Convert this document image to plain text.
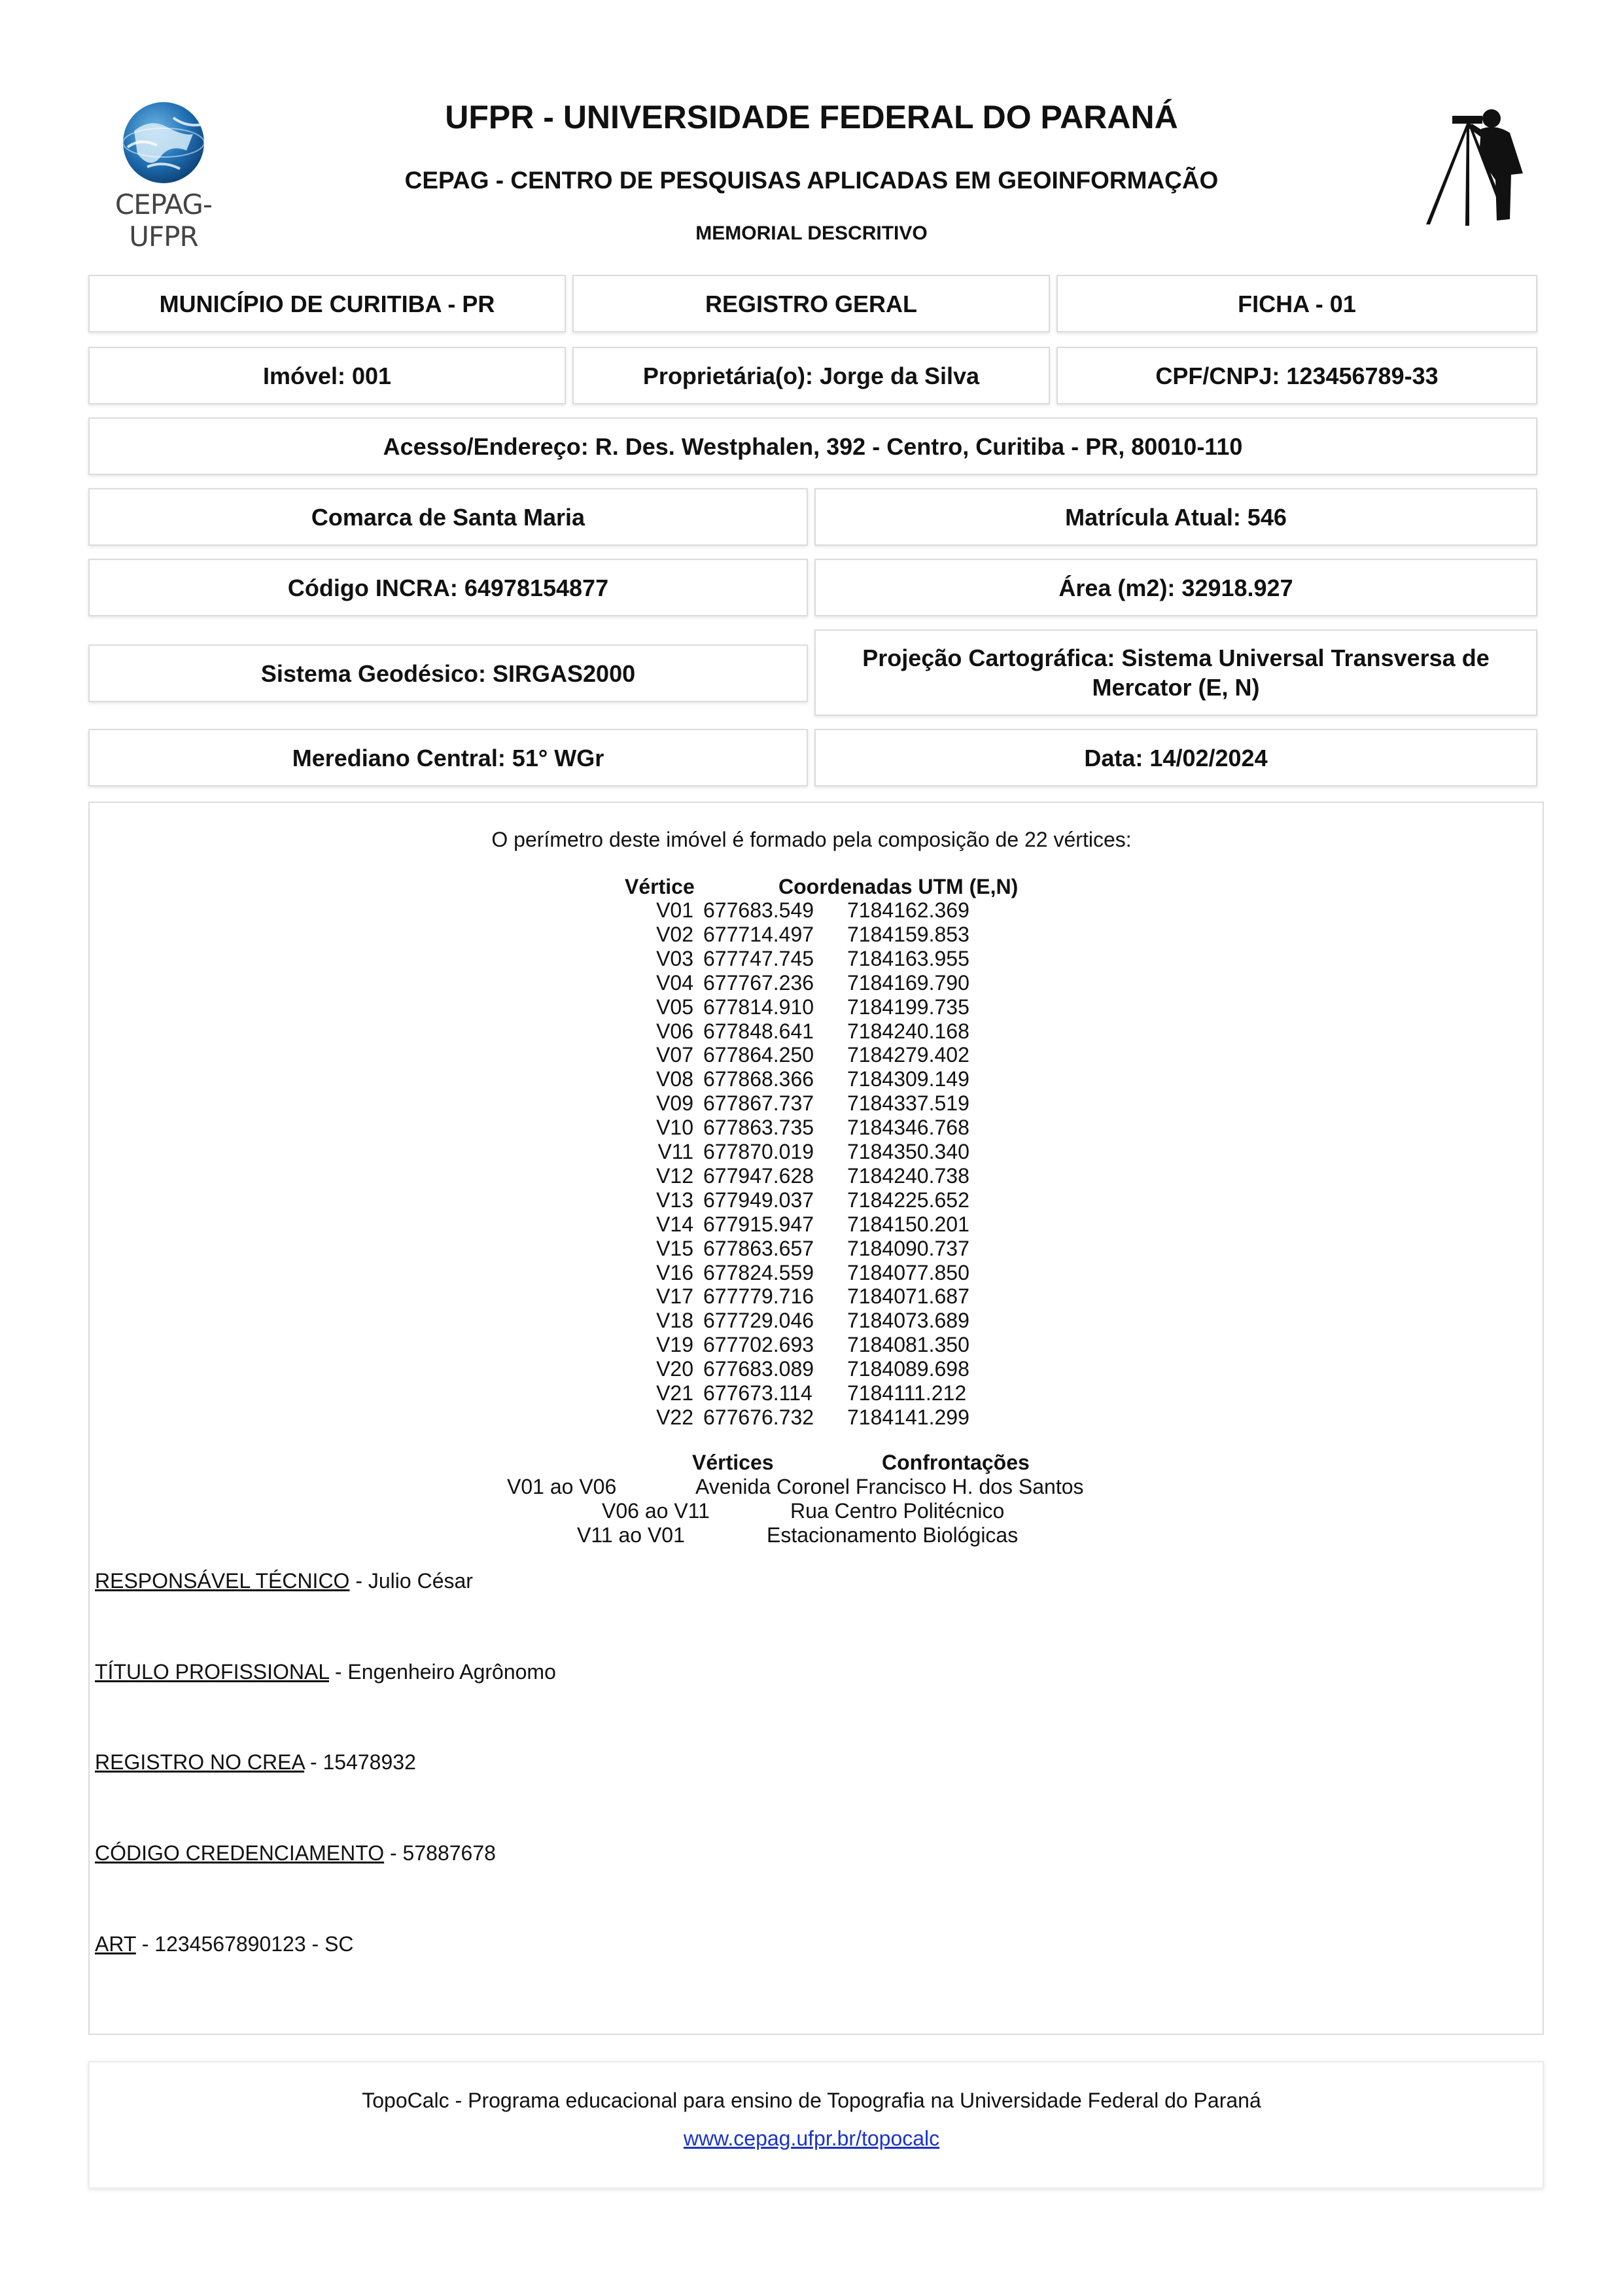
CEPAG-UFPR
UFPR - UNIVERSIDADE FEDERAL DO PARANÁ
CEPAG - CENTRO DE PESQUISAS APLICADAS EM GEOINFORMAÇÃO
MEMORIAL DESCRITIVO
MUNICÍPIO DE CURITIBA - PR	REGISTRO GERAL	FICHA - 01
Imóvel: 001	Proprietária(o): Jorge da Silva	CPF/CNPJ: 123456789-33
Acesso/Endereço: R. Des. Westphalen, 392 - Centro, Curitiba - PR, 80010-110
Comarca de Santa Maria	Matrícula Atual: 546
Código INCRA: 64978154877	Área (m2): 32918.927
Sistema Geodésico: SIRGAS2000
Projeção Cartográfica: Sistema Universal Transversa de Mercator (E, N)
Merediano Central: 51° WGr	Data: 14/02/2024
O perímetro deste imóvel é formado pela composição de 22 vértices:
Vértice	Coordenadas UTM (E,N)
V01 677683.549 7184162.369
V02 677714.497 7184159.853
V03 677747.745 7184163.955
V04 677767.236 7184169.790
V05 677814.910 7184199.735
V06 677848.641 7184240.168
V07 677864.250 7184279.402
V08 677868.366 7184309.149
V09 677867.737 7184337.519
V10 677863.735 7184346.768
V11 677870.019 7184350.340
V12 677947.628 7184240.738
V13 677949.037 7184225.652
V14 677915.947 7184150.201
V15 677863.657 7184090.737
V16 677824.559 7184077.850
V17 677779.716 7184071.687
V18 677729.046 7184073.689
V19 677702.693 7184081.350
V20 677683.089 7184089.698
V21 677673.114 7184111.212
V22 677676.732 7184141.299
Vértices	Confrontações
V01 ao V06	Avenida Coronel Francisco H. dos Santos
V06 ao V11	Rua Centro Politécnico
V11 ao V01	Estacionamento Biológicas
RESPONSÁVEL TÉCNICO - Julio César
TÍTULO PROFISSIONAL - Engenheiro Agrônomo
REGISTRO NO CREA - 15478932
CÓDIGO CREDENCIAMENTO - 57887678
ART - 1234567890123 - SC
TopoCalc - Programa educacional para ensino de Topografia na Universidade Federal do Paraná
www.cepag.ufpr.br/topocalc
